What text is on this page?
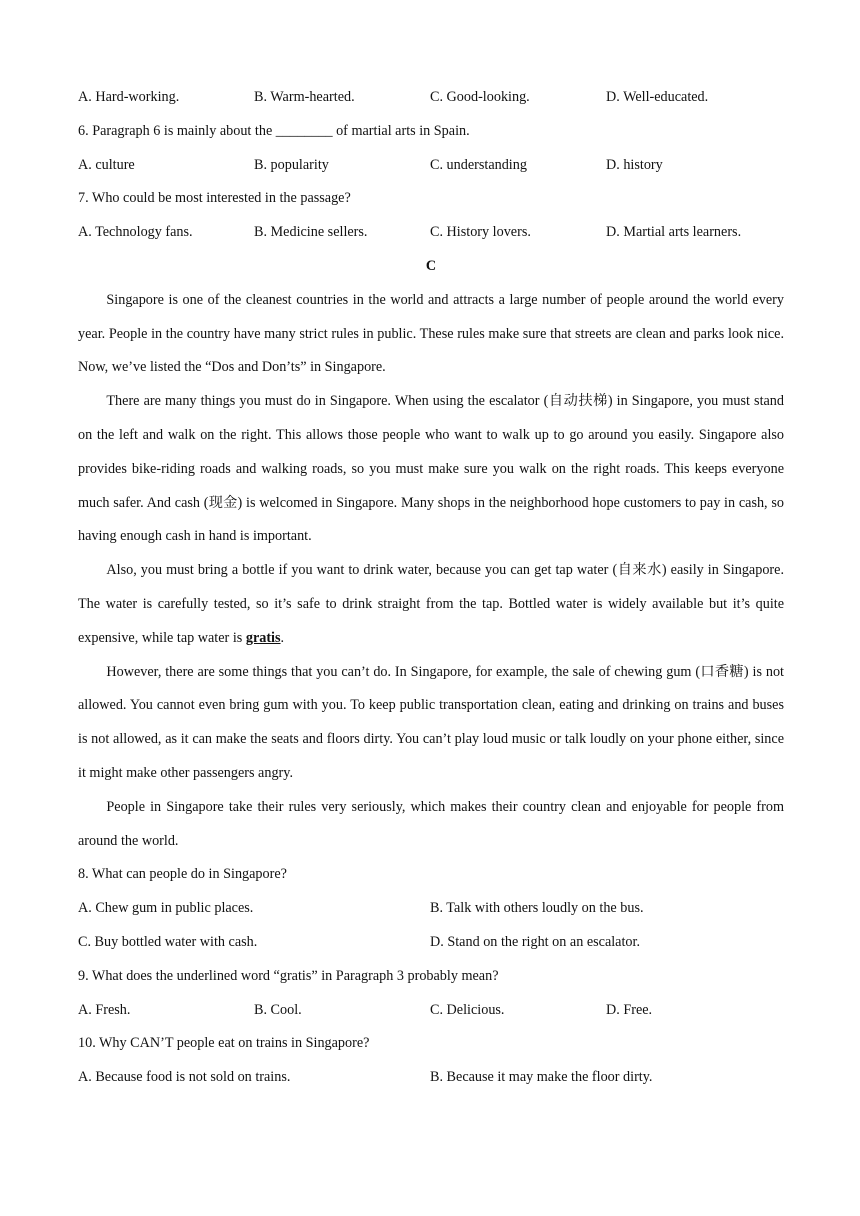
A. Hard-working.	B. Warm-hearted.	C. Good-looking.	D. Well-educated.
6. Paragraph 6 is mainly about the ________ of martial arts in Spain.
A. culture	B. popularity	C. understanding	D. history
7. Who could be most interested in the passage?
A. Technology fans.	B. Medicine sellers.	C. History lovers.	D. Martial arts learners.
C

Singapore is one of the cleanest countries in the world and attracts a large number of people around the world every year. People in the country have many strict rules in public. These rules make sure that streets are clean and parks look nice. Now, we’ve listed the “Dos and Don’ts” in Singapore.

There are many things you must do in Singapore. When using the escalator (自动扶梯) in Singapore, you must stand on the left and walk on the right. This allows those people who want to walk up to go around you easily. Singapore also provides bike-riding roads and walking roads, so you must make sure you walk on the right roads. This keeps everyone much safer. And cash (现金) is welcomed in Singapore. Many shops in the neighborhood hope customers to pay in cash, so having enough cash in hand is important.

Also, you must bring a bottle if you want to drink water, because you can get tap water (自来水) easily in Singapore. The water is carefully tested, so it’s safe to drink straight from the tap. Bottled water is widely available but it’s quite expensive, while tap water is gratis.

However, there are some things that you can’t do. In Singapore, for example, the sale of chewing gum (口香糖) is not allowed. You cannot even bring gum with you. To keep public transportation clean, eating and drinking on trains and buses is not allowed, as it can make the seats and floors dirty. You can’t play loud music or talk loudly on your phone either, since it might make other passengers angry.

People in Singapore take their rules very seriously, which makes their country clean and enjoyable for people from around the world.

8. What can people do in Singapore?
A. Chew gum in public places.	B. Talk with others loudly on the bus.
C. Buy bottled water with cash.	D. Stand on the right on an escalator.
9. What does the underlined word “gratis” in Paragraph 3 probably mean?
A. Fresh.	B. Cool.	C. Delicious.	D. Free.
10. Why CAN’T people eat on trains in Singapore?
A. Because food is not sold on trains.	B. Because it may make the floor dirty.
